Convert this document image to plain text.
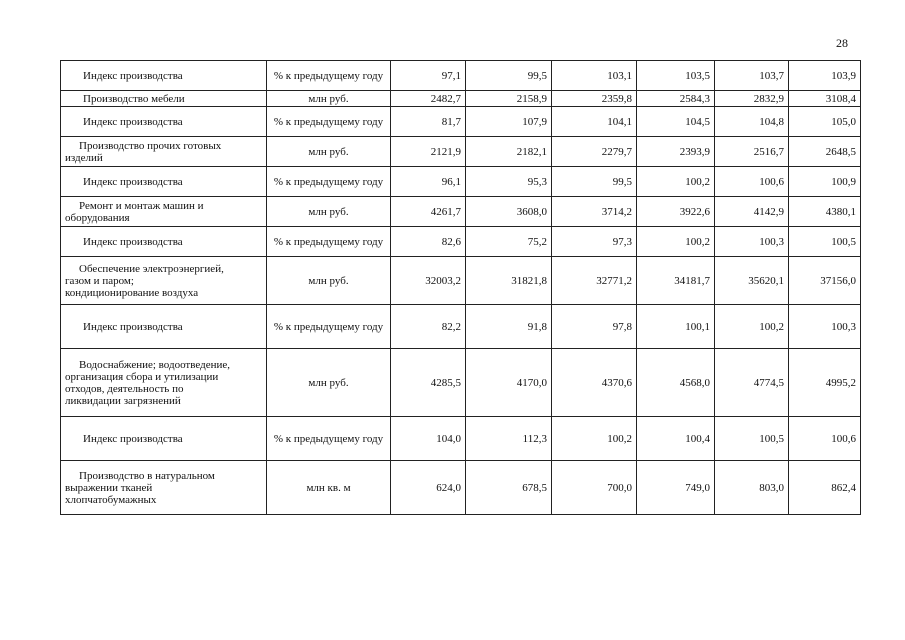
28
Индекс производства	% к предыдущему году	97,1	99,5	103,1	103,5	103,7	103,9

Производство мебели	млн руб.	2482,7	2158,9	2359,8	2584,3	2832,9	3108,4

Индекс производства	% к предыдущему году	81,7	107,9	104,1	104,5	104,8	105,0

Производство прочих готовых
изделий	млн руб.	2121,9	2182,1	2279,7	2393,9	2516,7	2648,5

Индекс производства	% к предыдущему году	96,1	95,3	99,5	100,2	100,6	100,9

Ремонт и монтаж машин и
оборудования	млн руб.	4261,7	3608,0	3714,2	3922,6	4142,9	4380,1

Индекс производства	% к предыдущему году	82,6	75,2	97,3	100,2	100,3	100,5

Обеспечение электроэнергией,
газом и паром;
кондиционирование воздуха	млн руб.	32003,2	31821,8	32771,2	34181,7	35620,1	37156,0

Индекс производства	% к предыдущему году	82,2	91,8	97,8	100,1	100,2	100,3

Водоснабжение; водоотведение,
организация сбора и утилизации
отходов, деятельность по
ликвидации загрязнений	млн руб.	4285,5	4170,0	4370,6	4568,0	4774,5	4995,2

Индекс производства	% к предыдущему году	104,0	112,3	100,2	100,4	100,5	100,6

Производство в натуральном
выражении тканей
хлопчатобумажных	млн кв. м	624,0	678,5	700,0	749,0	803,0	862,4
